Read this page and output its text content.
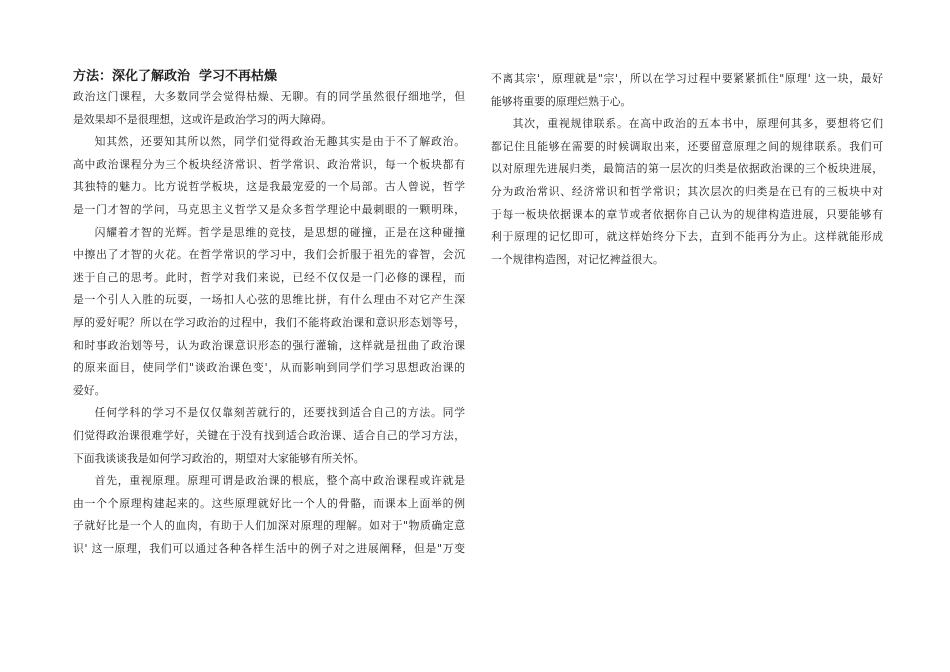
方法：深化了解政治  学习不再枯燥
政治这门课程，大多数同学会觉得枯燥、无聊。有的同学虽然很仔细地学，但
是效果却不是很理想，这或许是政治学习的两大障碍。
知其然，还要知其所以然，同学们觉得政治无趣其实是由于不了解政治。
高中政治课程分为三个板块经济常识、哲学常识、政治常识，每一个板块都有
其独特的魅力。比方说哲学板块，这是我最宠爱的一个局部。古人曾说，哲学
是一门才智的学问，马克思主义哲学又是众多哲学理论中最刺眼的一颗明珠，
闪耀着才智的光辉。哲学是思维的竞技，是思想的碰撞，正是在这种碰撞
中擦出了才智的火花。在哲学常识的学习中，我们会折服于祖先的睿智，会沉
迷于自己的思考。此时，哲学对我们来说，已经不仅仅是一门必修的课程，而
是一个引人入胜的玩耍，一场扣人心弦的思维比拼，有什么理由不对它产生深
厚的爱好呢？所以在学习政治的过程中，我们不能将政治课和意识形态划等号，
和时事政治划等号，认为政治课意识形态的强行灌输，这样就是扭曲了政治课
的原来面目，使同学们"谈政治课色变'，从而影响到同学们学习思想政治课的
爱好。
任何学科的学习不是仅仅靠刻苦就行的，还要找到适合自己的方法。同学
们觉得政治课很难学好，关键在于没有找到适合政治课、适合自己的学习方法，
下面我谈谈我是如何学习政治的，期望对大家能够有所关怀。
首先，重视原理。原理可谓是政治课的根底，整个高中政治课程或许就是
由一个个原理构建起来的。这些原理就好比一个人的骨骼，而课本上面举的例
子就好比是一个人的血肉，有助于人们加深对原理的理解。如对于"物质确定意
识' 这一原理，我们可以通过各种各样生活中的例子对之进展阐释，但是"万变
不离其宗'，原理就是"宗'，所以在学习过程中要紧紧抓住"原理' 这一块，最好
能够将重要的原理烂熟于心。
其次，重视规律联系。在高中政治的五本书中，原理何其多，要想将它们
都记住且能够在需要的时候调取出来，还要留意原理之间的规律联系。我们可
以对原理先进展归类，最简洁的第一层次的归类是依据政治课的三个板块进展，
分为政治常识、经济常识和哲学常识；其次层次的归类是在已有的三板块中对
于每一板块依据课本的章节或者依据你自己认为的规律构造进展，只要能够有
利于原理的记忆即可，就这样始终分下去，直到不能再分为止。这样就能形成
一个规律构造图，对记忆裨益很大。
